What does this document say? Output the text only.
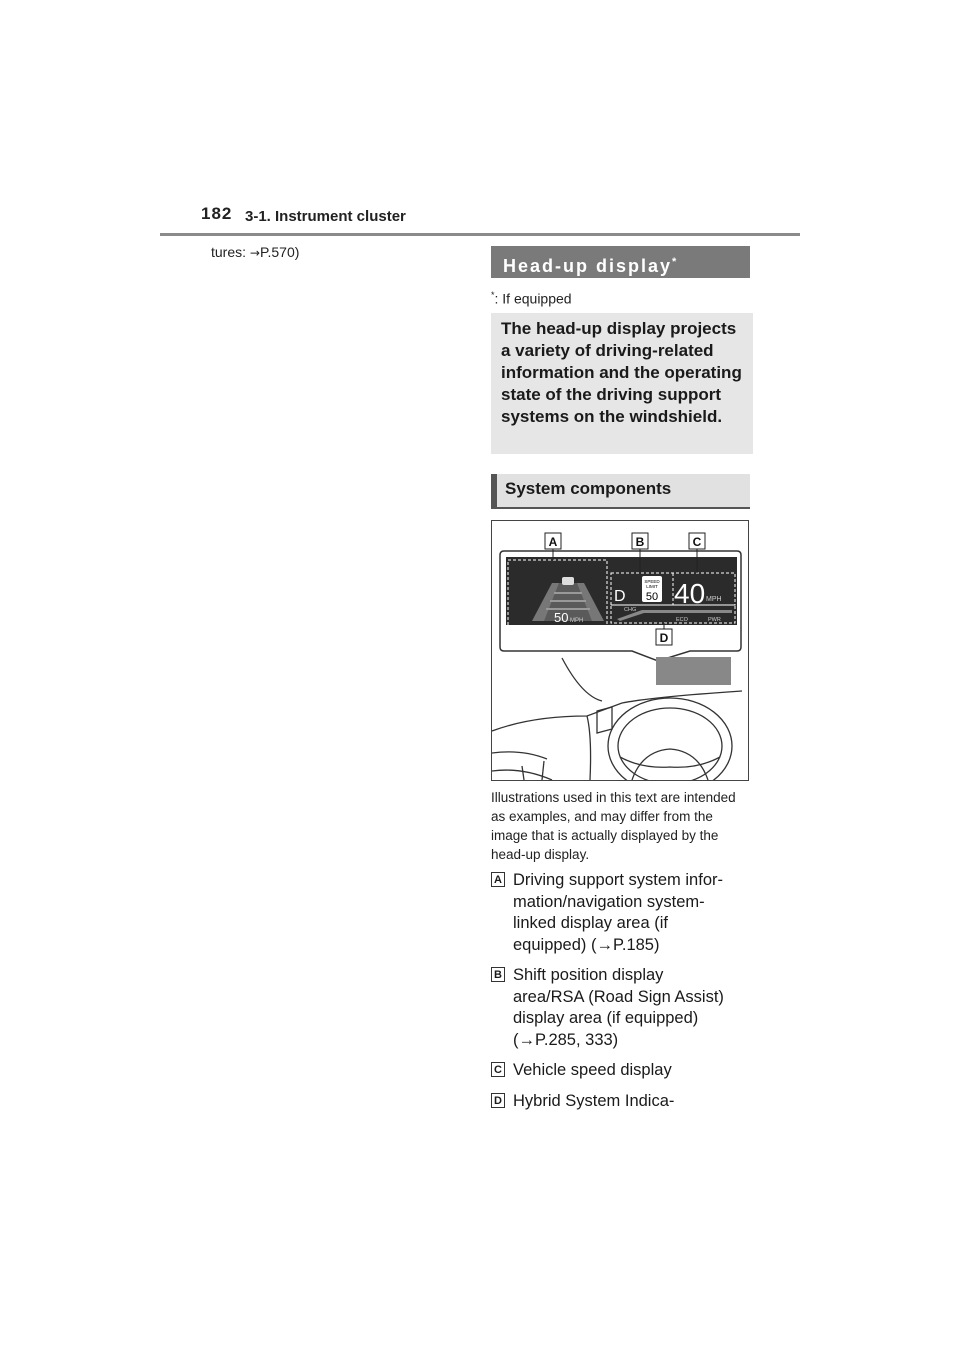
182 3-1. Instrument cluster
tures: →P.570)
Head-up display*
*: If equipped
The head-up display projects a variety of driving-related information and the operating state of the driving support systems on the windshield.
System components
50 MPH
D
SPEED
LIMIT
50 40 MPH
CHG
ECO	PWR
A	B	C
D
Illustrations used in this text are intended as examples, and may differ from the image that is actually displayed by the head-up display.
A Driving support system infor-
mation/navigation system-
linked display area (if
equipped) (→P.185)
B Shift position display
area/RSA (Road Sign Assist)
display area (if equipped)
(→P.285, 333)
C Vehicle speed display
D Hybrid System Indica-
